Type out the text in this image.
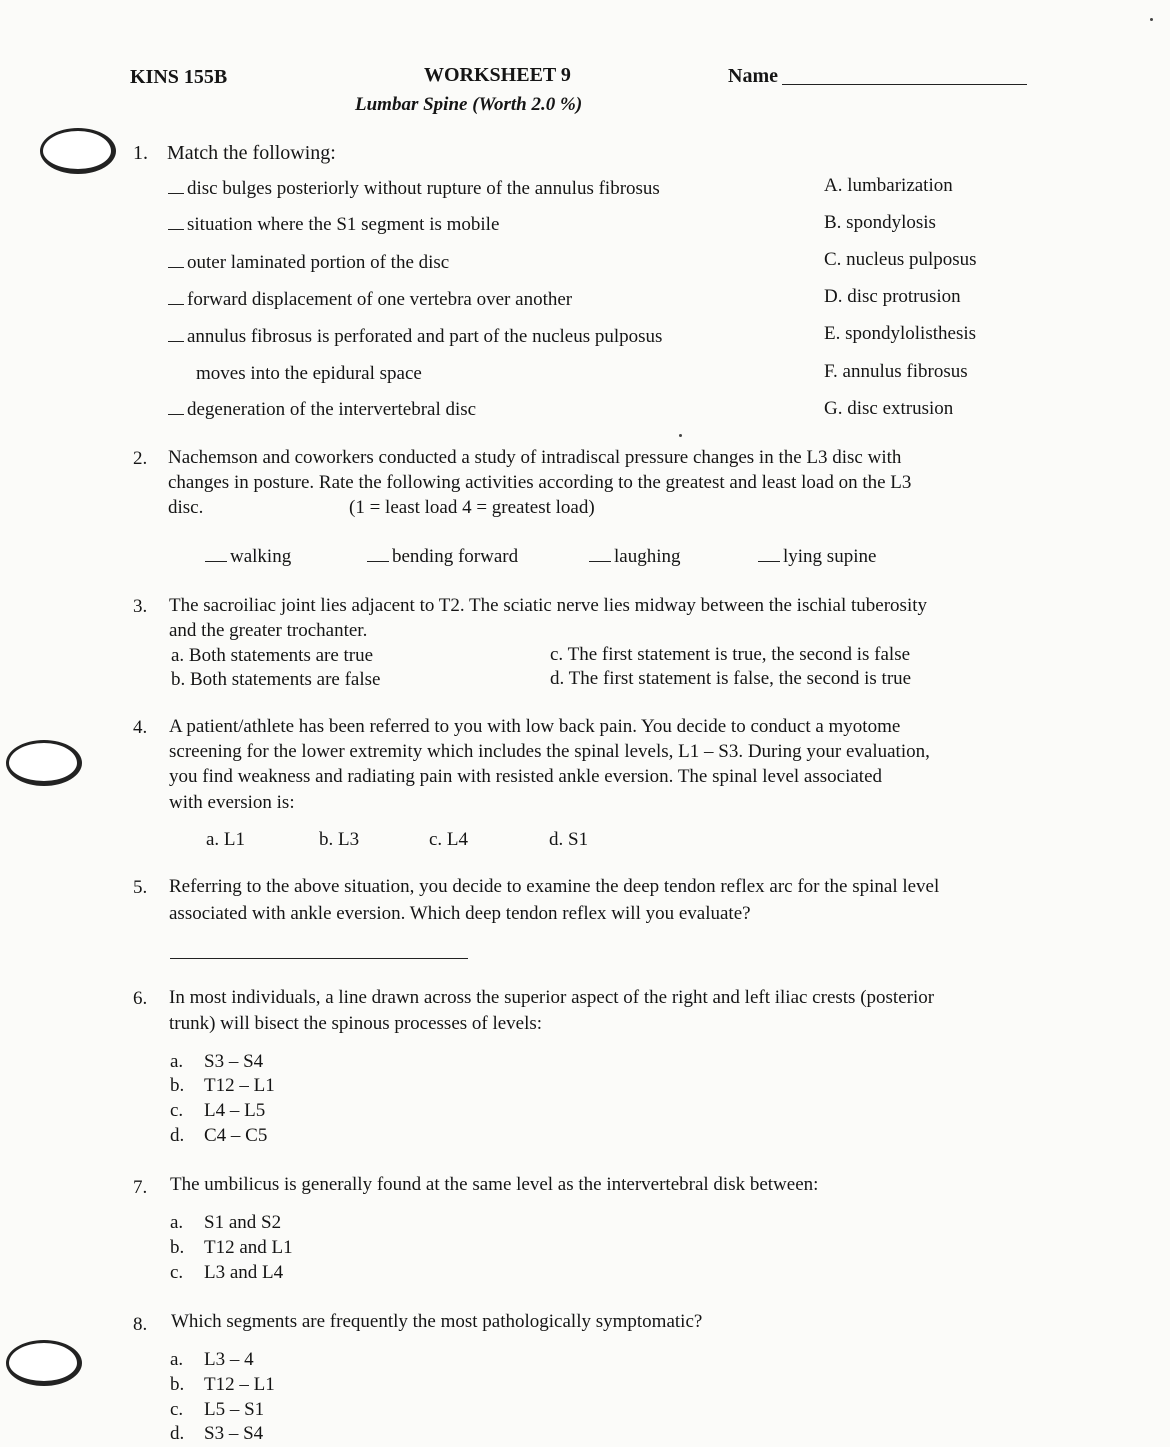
KINS 155B	WORKSHEET 9
Lumbar Spine (Worth 2.0 %)
Name
1. Match the following:
disc bulges posteriorly without rupture of the annulus fibrosus
situation where the S1 segment is mobile
outer laminated portion of the disc
forward displacement of one vertebra over another
annulus fibrosus is perforated and part of the nucleus pulposus
moves into the epidural space
degeneration of the intervertebral disc
A. lumbarization
B. spondylosis
C. nucleus pulposus
D. disc protrusion
E. spondylolisthesis
F. annulus fibrosus
G. disc extrusion
2. Nachemson and coworkers conducted a study of intradiscal pressure changes in the L3 disc with
changes in posture. Rate the following activities according to the greatest and least load on the L3
disc.	(1 = least load 4 = greatest load)
walking	bending forward	laughing	lying supine
3. The sacroiliac joint lies adjacent to T2. The sciatic nerve lies midway between the ischial tuberosity
and the greater trochanter.
a. Both statements are true
b. Both statements are false
c. The first statement is true, the second is false
d. The first statement is false, the second is true
4. A patient/athlete has been referred to you with low back pain. You decide to conduct a myotome
screening for the lower extremity which includes the spinal levels, L1 – S3. During your evaluation,
you find weakness and radiating pain with resisted ankle eversion. The spinal level associated
with eversion is:
a. L1	b. L3	c. L4	d. S1
5. Referring to the above situation, you decide to examine the deep tendon reflex arc for the spinal level
associated with ankle eversion. Which deep tendon reflex will you evaluate?
6. In most individuals, a line drawn across the superior aspect of the right and left iliac crests (posterior
trunk) will bisect the spinous processes of levels:
a. S3 – S4
b. T12 – L1
c. L4 – L5
d. C4 – C5
7. The umbilicus is generally found at the same level as the intervertebral disk between:
a. S1 and S2
b. T12 and L1
c. L3 and L4
8. Which segments are frequently the most pathologically symptomatic?
a. L3 – 4
b. T12 – L1
c. L5 – S1
d. S3 – S4
